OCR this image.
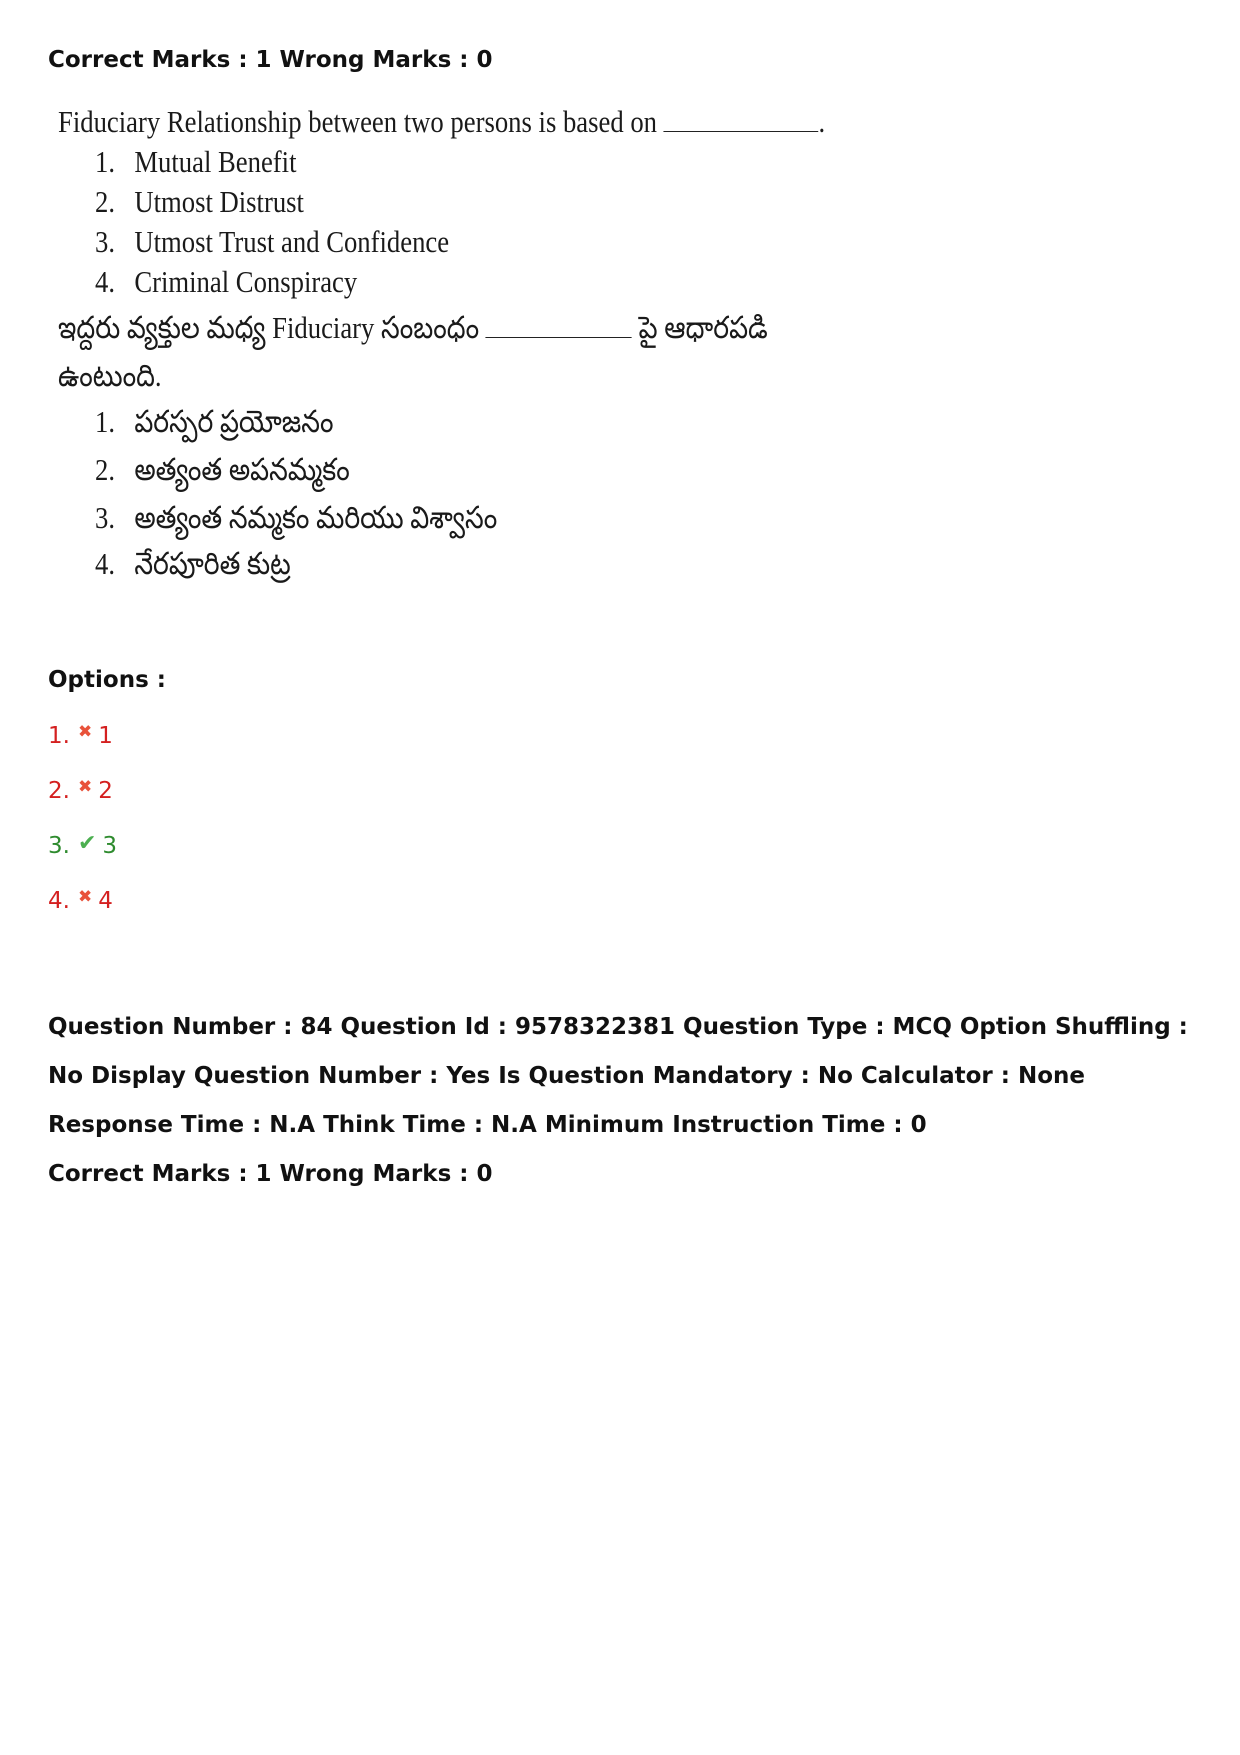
Correct Marks : 1 Wrong Marks : 0
Fiduciary Relationship between two persons is based on	.
1. Mutual Benefit
2. Utmost Distrust
3. Utmost Trust and Confidence
4. Criminal Conspiracy
ఇద్దరు వ్యక్తుల మధ్య Fiduciary సంబంధం	పై ఆధారపడి
ఉంటుంది.
1. పరస్పర ప్రయోజనం
2. అత్యంత అపనమ్మకం
3. అత్యంత నమ్మకం మరియు విశ్వాసం
4. నేరపూరిత కుట్ర
Options :
1. ✖ 1
2. ✖ 2
3. ✔ 3
4. ✖ 4
Question Number : 84 Question Id : 9578322381 Question Type : MCQ Option Shuffling : No Display Question Number : Yes Is Question Mandatory : No Calculator : None Response Time : N.A Think Time : N.A Minimum Instruction Time : 0
Correct Marks : 1 Wrong Marks : 0
